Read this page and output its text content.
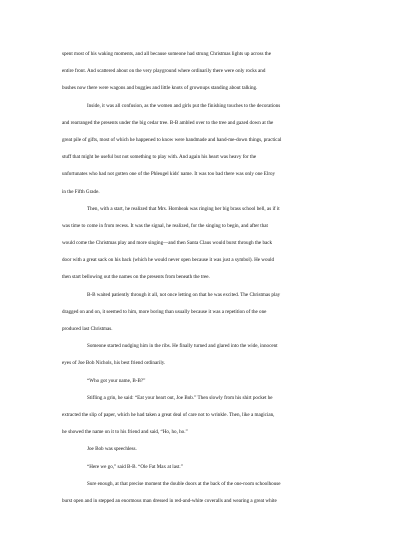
spent most of his waking moments, and all because someone had strung Christmas lights up across the
entire front. And scattered about on the very playground where ordinarily there were only rocks and
bushes now there were wagons and buggies and little knots of grownups standing about talking.
Inside, it was all confusion, as the women and girls put the finishing touches to the decorations
and rearranged the presents under the big cedar tree. B-B ambled over to the tree and gazed down at the
great pile of gifts, most of which he happened to know were handmade and hand-me-down things, practical
stuff that might be useful but not something to play with. And again his heart was heavy for the
unfortunates who had not gotten one of the Phleugel kids' name. It was too bad there was only one Elroy
in the Fifth Grade.
Then, with a start, he realized that Mrs. Hornbeak was ringing her big brass school bell, as if it
was time to come in from recess. It was the signal, he realized, for the singing to begin, and after that
would come the Christmas play and more singing—and then Santa Claus would burst through the back
door with a great sack on his back (which he would never open because it was just a symbol). He would
then start bellowing out the names on the presents from beneath the tree.
B-B waited patiently through it all, not once letting on that he was excited. The Christmas play
dragged on and on, it seemed to him, more boring than usually because it was a repetition of the one
produced last Christmas.
Someone started nudging him in the ribs. He finally turned and glared into the wide, innocent
eyes of Joe Bob Nichols, his best friend ordinarily.
“Who got your name, B-B?”
Stifling a grin, he said: “Eat your heart out, Joe Bob.” Then slowly from his shirt pocket he
extracted the slip of paper, which he had taken a great deal of care not to wrinkle. Then, like a magician,
he showed the name on it to his friend and said, “Ho, ho, ho.”
Joe Bob was speechless.
“Here we go,” said B-B. “Ole Fat Max at last.”
Sure enough, at that precise moment the double doors at the back of the one-room schoolhouse
burst open and in stepped an enormous man dressed in red-and-white coveralls and wearing a great white
